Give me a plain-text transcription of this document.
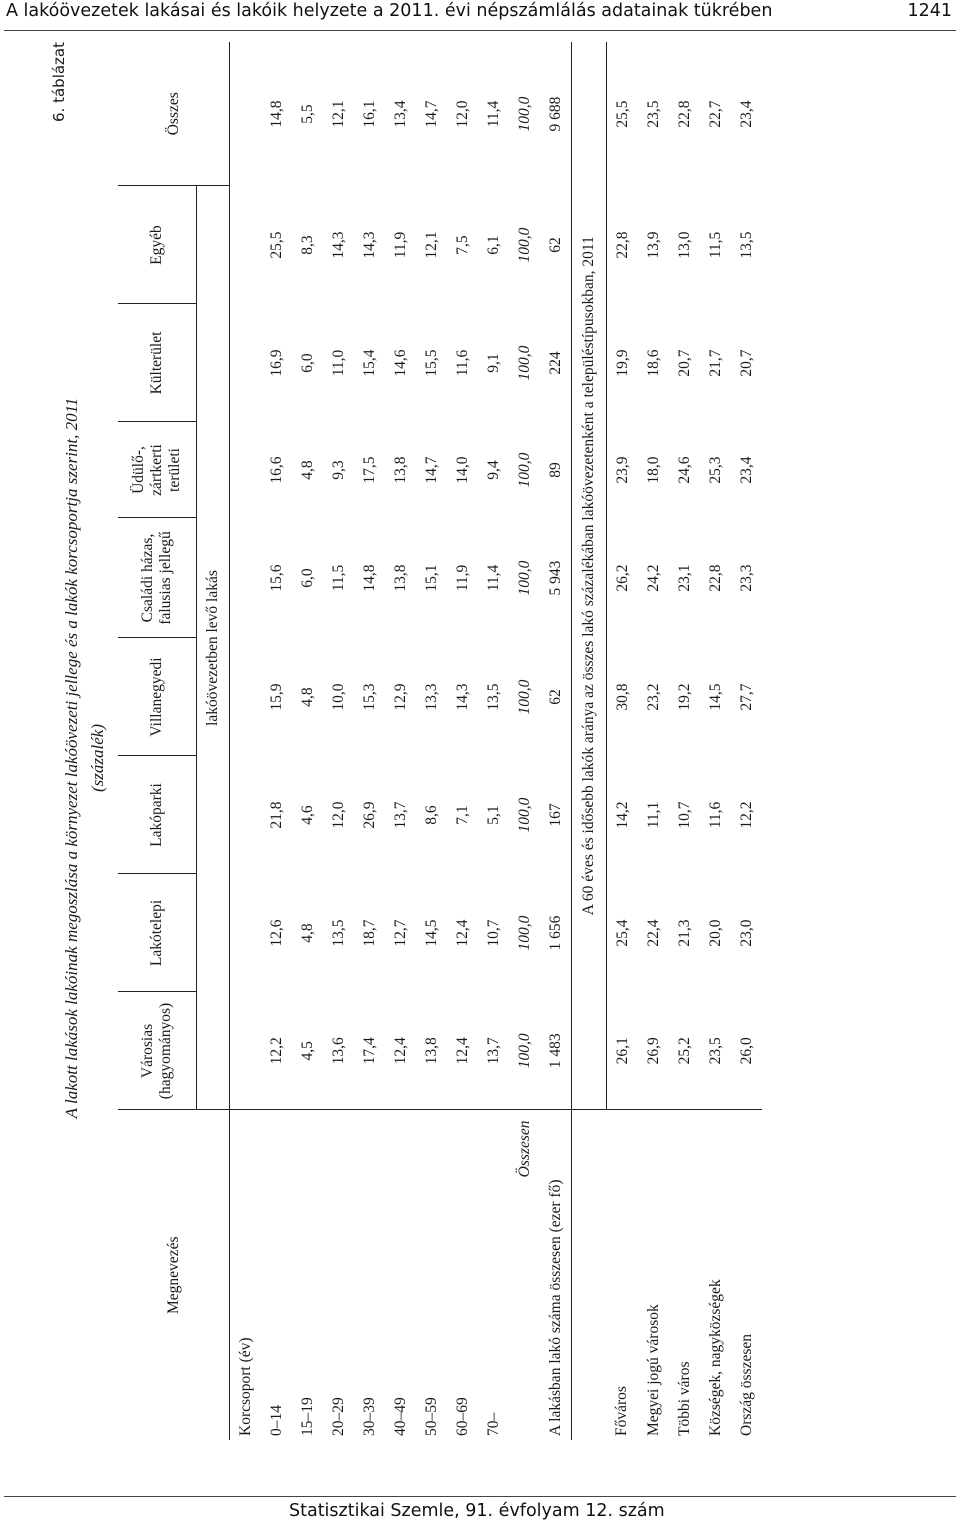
A lakóövezetek lakásai és lakóik helyzete a 2011. évi népszámlálás adatainak tükrében	1241
6. táblázat
A lakott lakások lakóinak megoszlása a környezet lakóövezeti jellege és a lakók korcsoportja szerint, 2011 (százalék)
Megnevezés	Városias (hagyományos)	Lakótelepi	Lakóparki	Villanegyedi	Családi házas, falusias jellegű	Üdülő-, zártkerti területi	Külterület	Egyéb	Összes
	lakóövezetben levő lakás								
Korcsoport (év)									
0–14	12,2	12,6	21,8	15,9	15,6	16,6	16,9	25,5	14,8
15–19	4,5	4,8	4,6	4,8	6,0	4,8	6,0	8,3	5,5
20–29	13,6	13,5	12,0	10,0	11,5	9,3	11,0	14,3	12,1
30–39	17,4	18,7	26,9	15,3	14,8	17,5	15,4	14,3	16,1
40–49	12,4	12,7	13,7	12,9	13,8	13,8	14,6	11,9	13,4
50–59	13,8	14,5	8,6	13,3	15,1	14,7	15,5	12,1	14,7
60–69	12,4	12,4	7,1	14,3	11,9	14,0	11,6	7,5	12,0
70–	13,7	10,7	5,1	13,5	11,4	9,4	9,1	6,1	11,4
Összesen	100,0	100,0	100,0	100,0	100,0	100,0	100,0	100,0	100,0
A lakásban lakó száma összesen (ezer fő)	1 483	1 656	167	62	5 943	89	224	62	9 688
	A 60 éves és idősebb lakók aránya az összes lakó százalékában lakóövezetenként a településtípusokban, 2011								
Főváros	26,1	25,4	14,2	30,8	26,2	23,9	19,9	22,8	25,5
Megyei jogú városok	26,9	22,4	11,1	23,2	24,2	18,0	18,6	13,9	23,5
Többi város	25,2	21,3	10,7	19,2	23,1	24,6	20,7	13,0	22,8
Községek, nagyközségek	23,5	20,0	11,6	14,5	22,8	25,3	21,7	11,5	22,7
Ország összesen	26,0	23,0	12,2	27,7	23,3	23,4	20,7	13,5	23,4
Statisztikai Szemle, 91. évfolyam 12. szám
